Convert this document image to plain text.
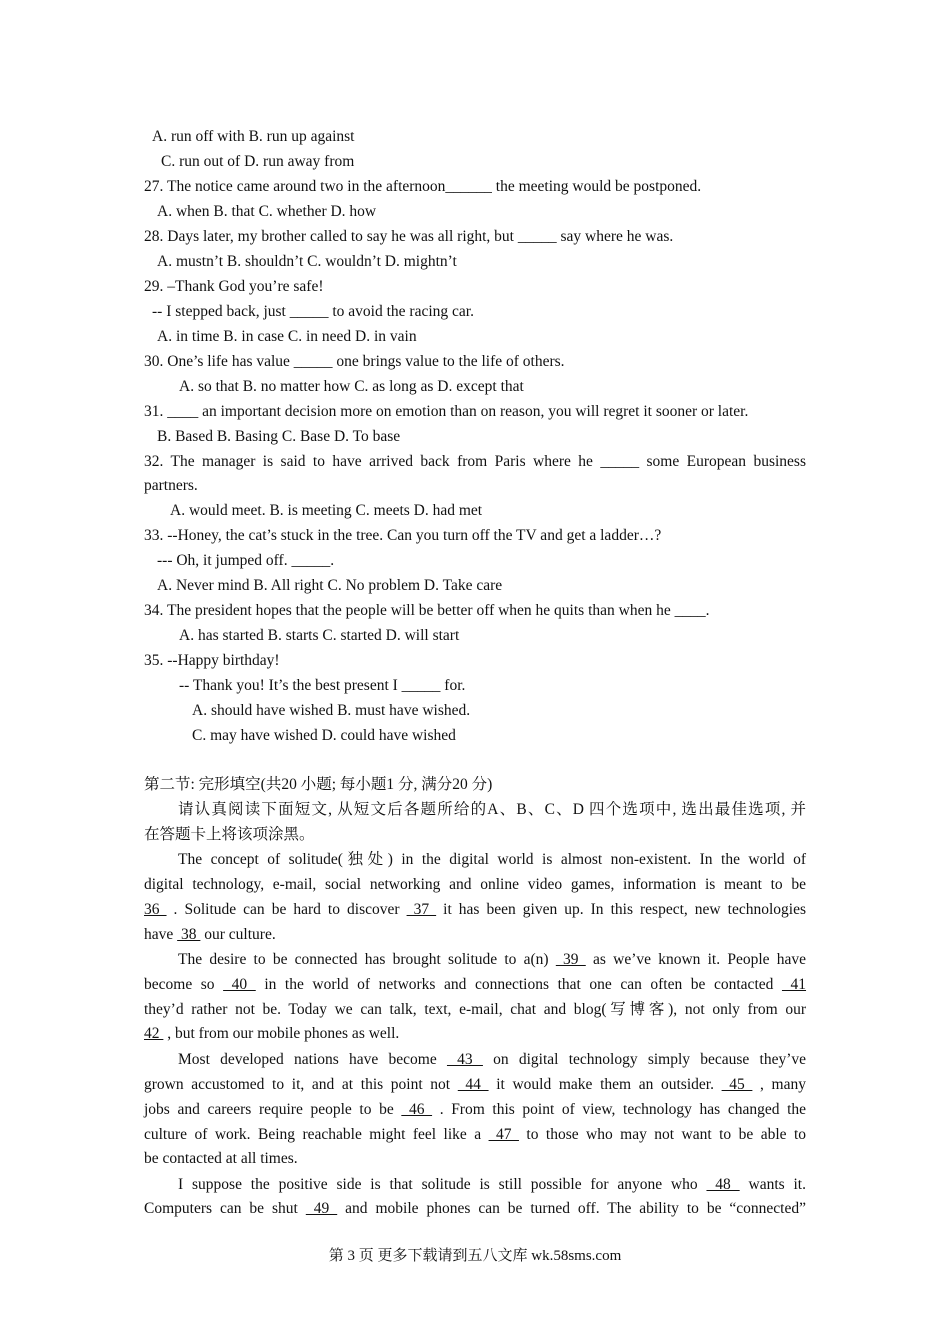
A. run off with B. run up against
C. run out of D. run away from
27. The notice came around two in the afternoon______ the meeting would be postponed.
A. when B. that C. whether D. how
28. Days later, my brother called to say he was all right, but _____ say where he was.
A. mustn’t B. shouldn’t C. wouldn’t D. mightn’t
29. –Thank God you’re safe!
-- I stepped back, just _____ to avoid the racing car.
A. in time B. in case C. in need D. in vain
30. One’s life has value _____ one brings value to the life of others.
A. so that B. no matter how C. as long as D. except that
31. ____ an important decision more on emotion than on reason, you will regret it sooner or later.
B. Based B. Basing C. Base D. To base
A. would meet. B. is meeting C. meets D. had met
33. --Honey, the cat’s stuck in the tree. Can you turn off the TV and get a ladder…?
--- Oh, it jumped off. _____.
A. Never mind B. All right C. No problem D. Take care
34. The president hopes that the people will be better off when he quits than when he ____.
A. has started B. starts C. started D. will start
35. --Happy birthday!
-- Thank you! It’s the best present I _____ for.
A. should have wished B. must have wished.
C. may have wished D. could have wished
第二节: 完形填空(共20 小题; 每小题1 分, 满分20 分)
32. The manager is said to have arrived back from Paris where he _____ some European business
请认真阅读下面短文, 从短文后各题所给的A、B、C、D 四个选项中, 选出最佳选项, 并
The concept of solitude(独处) in the digital world is almost non-existent. In the world of
digital technology, e-mail, social networking and online video games, information is meant to be
36  . Solitude can be hard to discover  37  it has been given up. In this respect, new technologies
The desire to be connected has brought solitude to a(n)  39  as we’ve known it. People have
become so  40  in the world of networks and connections that one can often be contacted  41
they’d rather not be. Today we can talk, text, e-mail, chat and blog(写博客), not only from our
Most developed nations have become  43  on digital technology simply because they’ve
grown accustomed to it, and at this point not  44  it would make them an outsider.  45  , many
jobs and careers require people to be  46  . From this point of view, technology has changed the
culture of work. Being reachable might feel like a  47  to those who may not want to be able to
I suppose the positive side is that solitude is still possible for anyone who  48  wants it.
Computers can be shut  49  and mobile phones can be turned off. The ability to be “connected”
partners.
在答题卡上将该项涂黑。
have  38  our culture.
42  , but from our mobile phones as well.
be contacted at all times.
第 3 页 更多下载请到五八文库 wk.58sms.com
